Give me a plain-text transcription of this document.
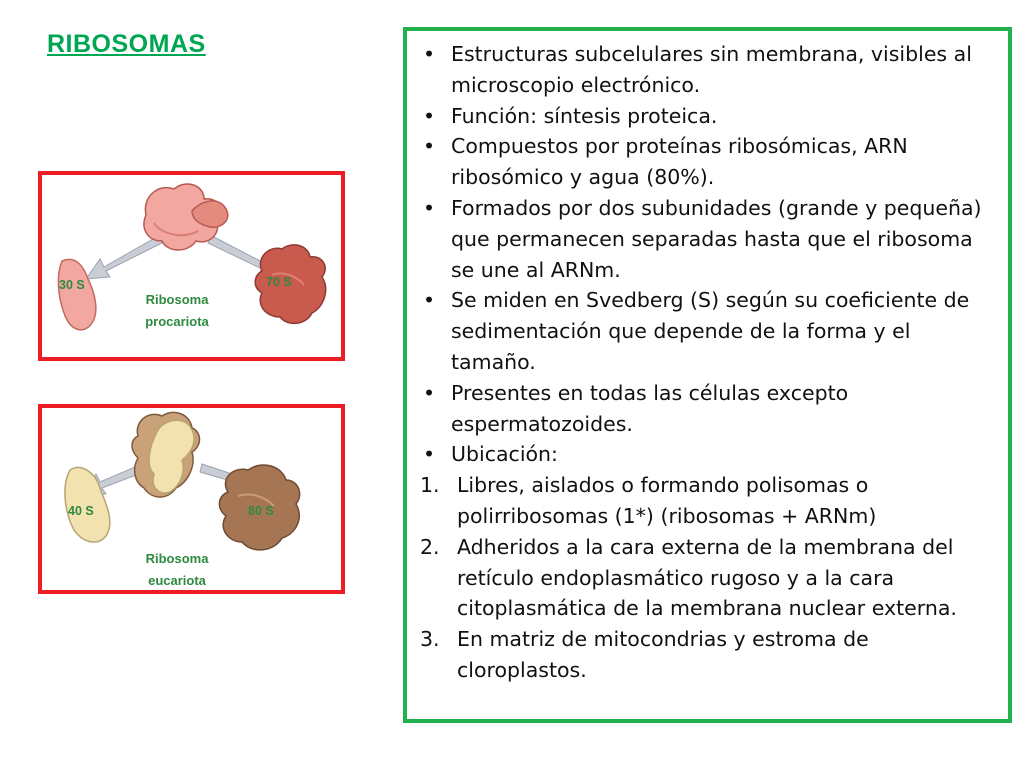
RIBOSOMAS
30 S	70 S
Ribosoma
procariota
40 S	80 S
Ribosoma
eucariota
• Estructuras subcelulares sin membrana, visibles al microscopio electrónico.
• Función: síntesis proteica.
• Compuestos por proteínas ribosómicas, ARN ribosómico y agua (80%).
• Formados por dos subunidades (grande y pequeña) que permanecen separadas hasta que el ribosoma se une al ARNm.
• Se miden en Svedberg (S) según su coeficiente de sedimentación que depende de la forma y el tamaño.
• Presentes en todas las células excepto espermatozoides.
• Ubicación:
1. Libres, aislados o formando polisomas o polirribosomas (1*) (ribosomas + ARNm)
2. Adheridos a la cara externa de la membrana del retículo endoplasmático rugoso y a la cara citoplasmática de la membrana nuclear externa.
3. En matriz de mitocondrias y estroma de cloroplastos.
